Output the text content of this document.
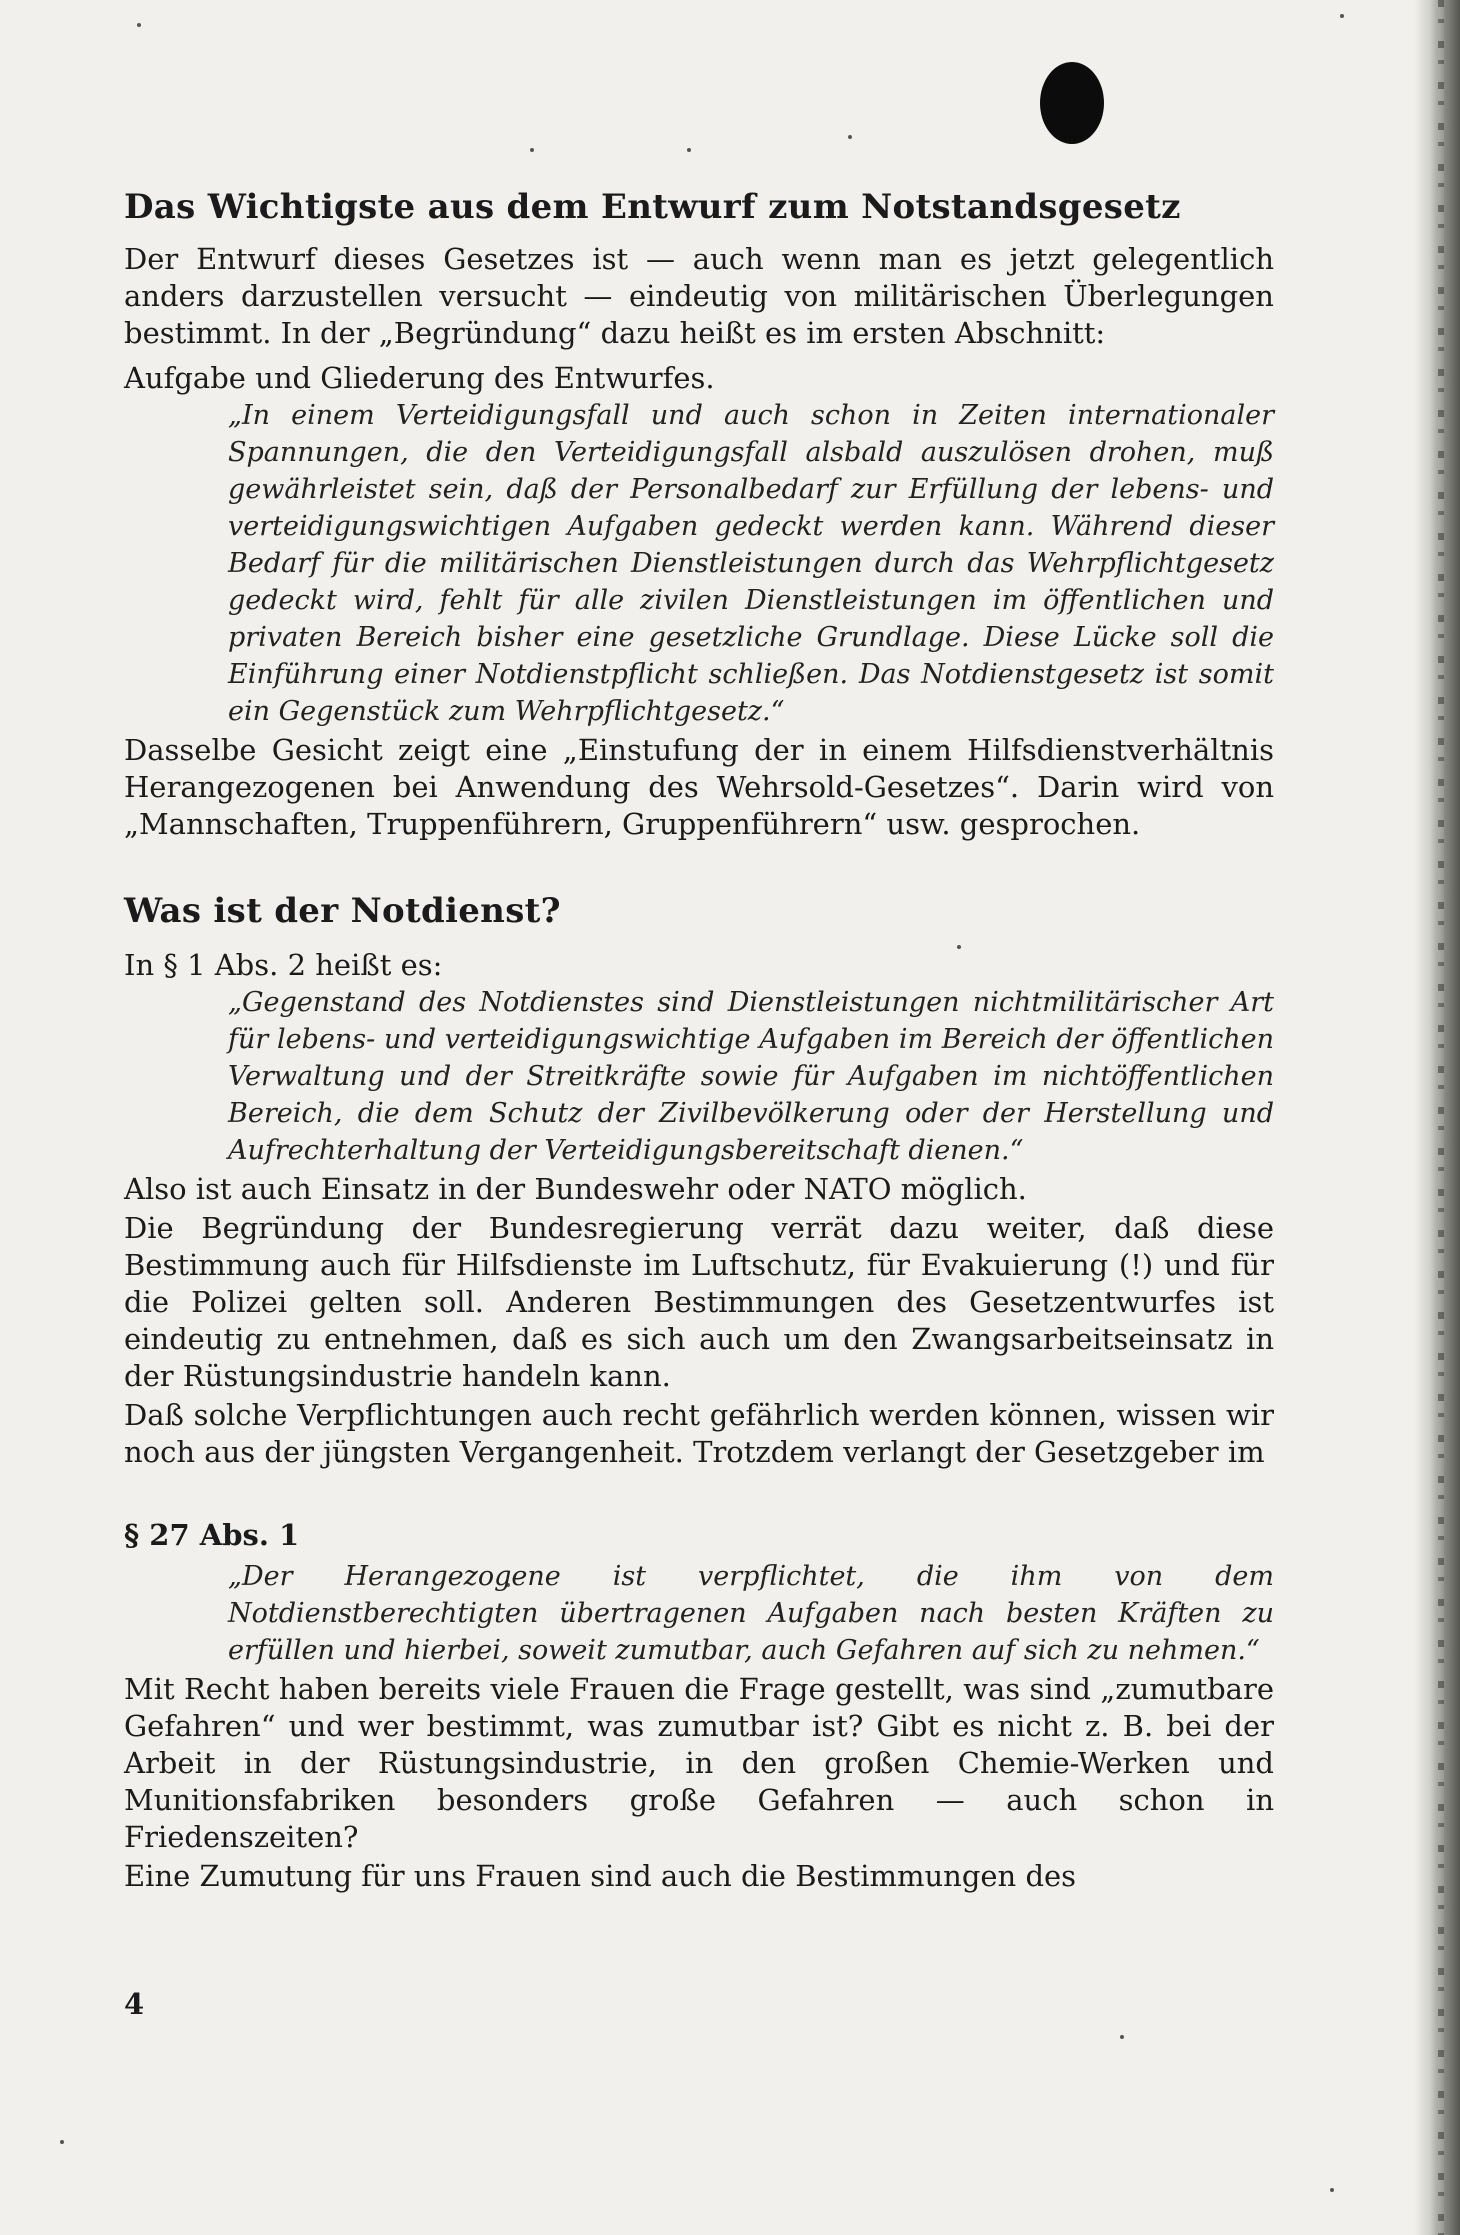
Das Wichtigste aus dem Entwurf zum Notstandsgesetz

Der Entwurf dieses Gesetzes ist — auch wenn man es jetzt gelegentlich anders darzustellen versucht — eindeutig von militärischen Überlegungen bestimmt. In der „Begründung“ dazu heißt es im ersten Abschnitt:

Aufgabe und Gliederung des Entwurfes.

„In einem Verteidigungsfall und auch schon in Zeiten internationaler Spannungen, die den Verteidigungsfall alsbald auszulösen drohen, muß gewährleistet sein, daß der Personalbedarf zur Erfüllung der lebens- und verteidigungswichtigen Aufgaben gedeckt werden kann. Während dieser Bedarf für die militärischen Dienstleistungen durch das Wehrpflichtgesetz gedeckt wird, fehlt für alle zivilen Dienstleistungen im öffentlichen und privaten Bereich bisher eine gesetzliche Grundlage. Diese Lücke soll die Einführung einer Notdienstpflicht schließen. Das Notdienstgesetz ist somit ein Gegenstück zum Wehrpflichtgesetz.“

Dasselbe Gesicht zeigt eine „Einstufung der in einem Hilfsdienstverhältnis Herangezogenen bei Anwendung des Wehrsold-Gesetzes“. Darin wird von „Mannschaften, Truppenführern, Gruppenführern“ usw. gesprochen.

Was ist der Notdienst?

In § 1 Abs. 2 heißt es:

„Gegenstand des Notdienstes sind Dienstleistungen nichtmilitärischer Art für lebens- und verteidigungswichtige Aufgaben im Bereich der öffentlichen Verwaltung und der Streitkräfte sowie für Aufgaben im nichtöffentlichen Bereich, die dem Schutz der Zivilbevölkerung oder der Herstellung und Aufrechterhaltung der Verteidigungsbereitschaft dienen.“

Also ist auch Einsatz in der Bundeswehr oder NATO möglich.

Die Begründung der Bundesregierung verrät dazu weiter, daß diese Bestimmung auch für Hilfsdienste im Luftschutz, für Evakuierung (!) und für die Polizei gelten soll. Anderen Bestimmungen des Gesetzentwurfes ist eindeutig zu entnehmen, daß es sich auch um den Zwangsarbeitseinsatz in der Rüstungsindustrie handeln kann.

Daß solche Verpflichtungen auch recht gefährlich werden können, wissen wir noch aus der jüngsten Vergangenheit. Trotzdem verlangt der Gesetzgeber im

§ 27 Abs. 1

„Der Herangezogene ist verpflichtet, die ihm von dem Notdienstberechtigten übertragenen Aufgaben nach besten Kräften zu erfüllen und hierbei, soweit zumutbar, auch Gefahren auf sich zu nehmen.“

Mit Recht haben bereits viele Frauen die Frage gestellt, was sind „zumutbare Gefahren“ und wer bestimmt, was zumutbar ist? Gibt es nicht z. B. bei der Arbeit in der Rüstungsindustrie, in den großen Chemie-Werken und Munitionsfabriken besonders große Gefahren — auch schon in Friedenszeiten?

Eine Zumutung für uns Frauen sind auch die Bestimmungen des

4
